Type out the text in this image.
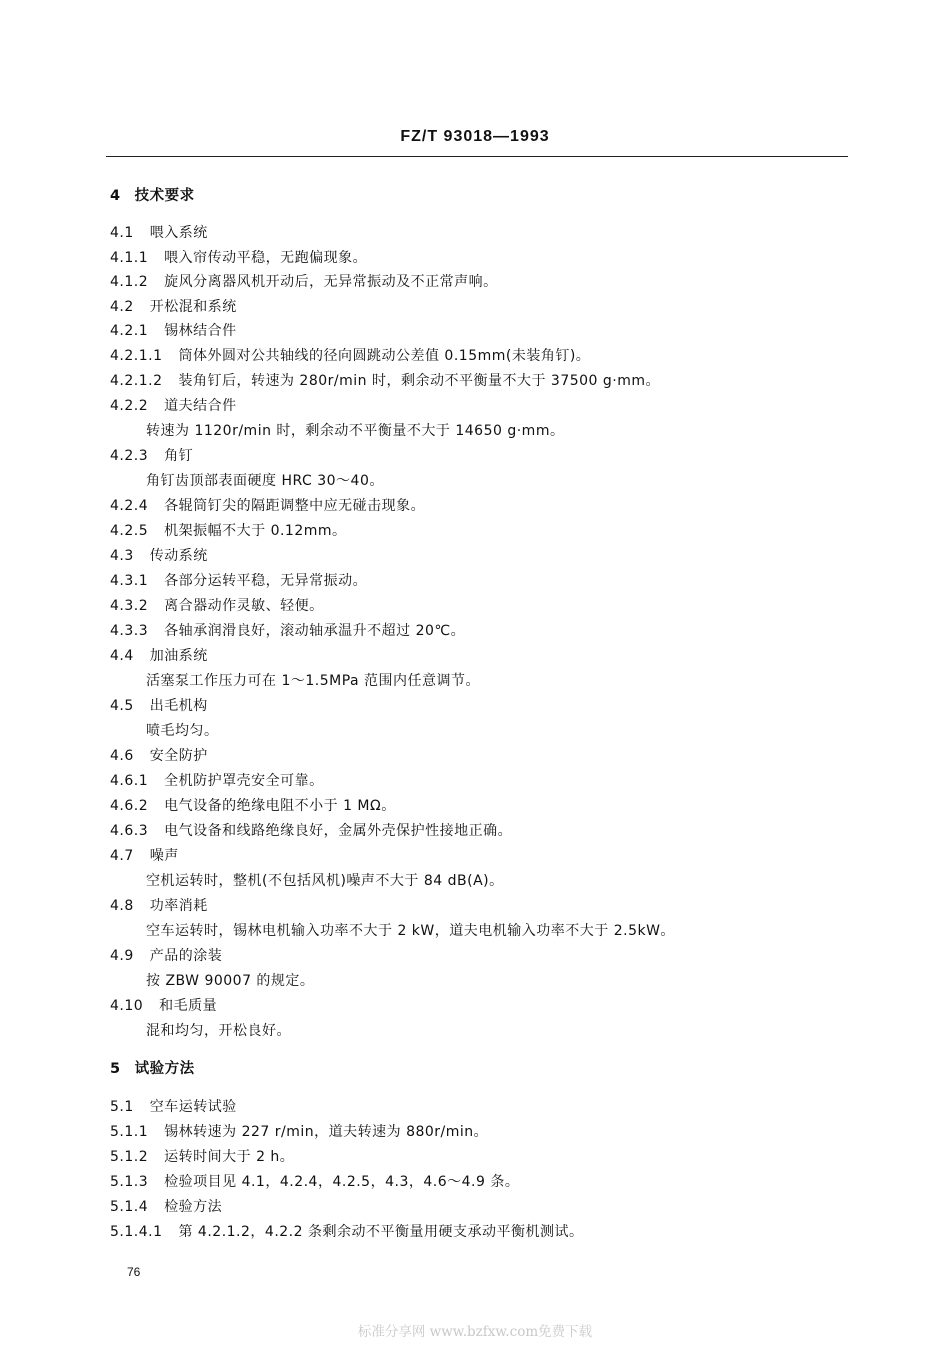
FZ/T 93018—1993
4 技术要求
4.1 喂入系统
4.1.1 喂入帘传动平稳，无跑偏现象。
4.1.2 旋风分离器风机开动后，无异常振动及不正常声响。
4.2 开松混和系统
4.2.1 锡林结合件
4.2.1.1 筒体外圆对公共轴线的径向圆跳动公差值 0.15mm(未装角钉)。
4.2.1.2 装角钉后，转速为 280r/min 时，剩余动不平衡量不大于 37500 g·mm。
4.2.2 道夫结合件
转速为 1120r/min 时，剩余动不平衡量不大于 14650 g·mm。
4.2.3 角钉
角钉齿顶部表面硬度 HRC 30～40。
4.2.4 各辊筒钉尖的隔距调整中应无碰击现象。
4.2.5 机架振幅不大于 0.12mm。
4.3 传动系统
4.3.1 各部分运转平稳，无异常振动。
4.3.2 离合器动作灵敏、轻便。
4.3.3 各轴承润滑良好，滚动轴承温升不超过 20℃。
4.4 加油系统
活塞泵工作压力可在 1～1.5MPa 范围内任意调节。
4.5 出毛机构
喷毛均匀。
4.6 安全防护
4.6.1 全机防护罩壳安全可靠。
4.6.2 电气设备的绝缘电阻不小于 1 MΩ。
4.6.3 电气设备和线路绝缘良好，金属外壳保护性接地正确。
4.7 噪声
空机运转时，整机(不包括风机)噪声不大于 84 dB(A)。
4.8 功率消耗
空车运转时，锡林电机输入功率不大于 2 kW，道夫电机输入功率不大于 2.5kW。
4.9 产品的涂装
按 ZBW 90007 的规定。
4.10 和毛质量
混和均匀，开松良好。
5 试验方法
5.1 空车运转试验
5.1.1 锡林转速为 227 r/min，道夫转速为 880r/min。
5.1.2 运转时间大于 2 h。
5.1.3 检验项目见 4.1，4.2.4，4.2.5，4.3，4.6～4.9 条。
5.1.4 检验方法
5.1.4.1 第 4.2.1.2，4.2.2 条剩余动不平衡量用硬支承动平衡机测试。
76
标准分享网 www.bzfxw.com免费下载
